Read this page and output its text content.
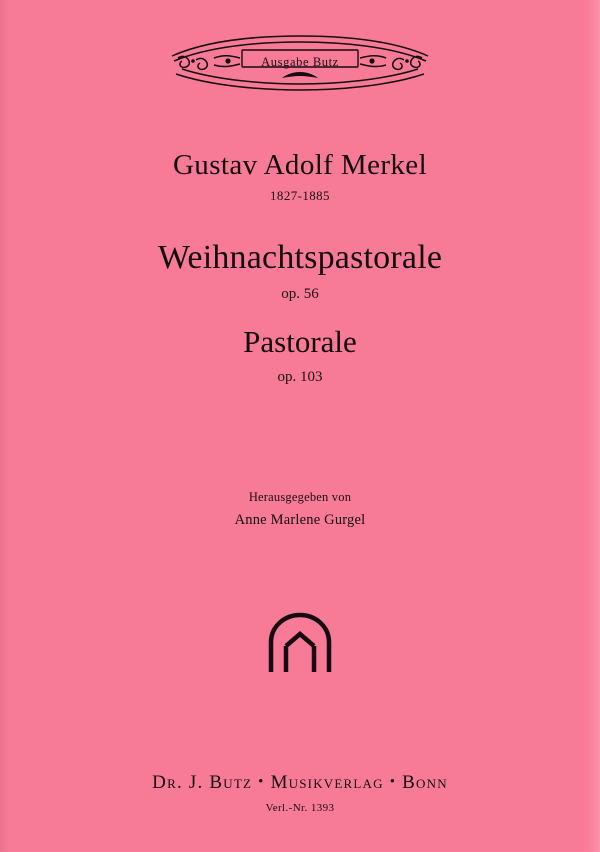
Ausgabe Butz
Gustav Adolf Merkel
1827-1885
Weihnachtspastorale
op. 56
Pastorale
op. 103
Herausgegeben von
Anne Marlene Gurgel
Dr. J. Butz • Musikverlag • Bonn
Verl.-Nr. 1393
